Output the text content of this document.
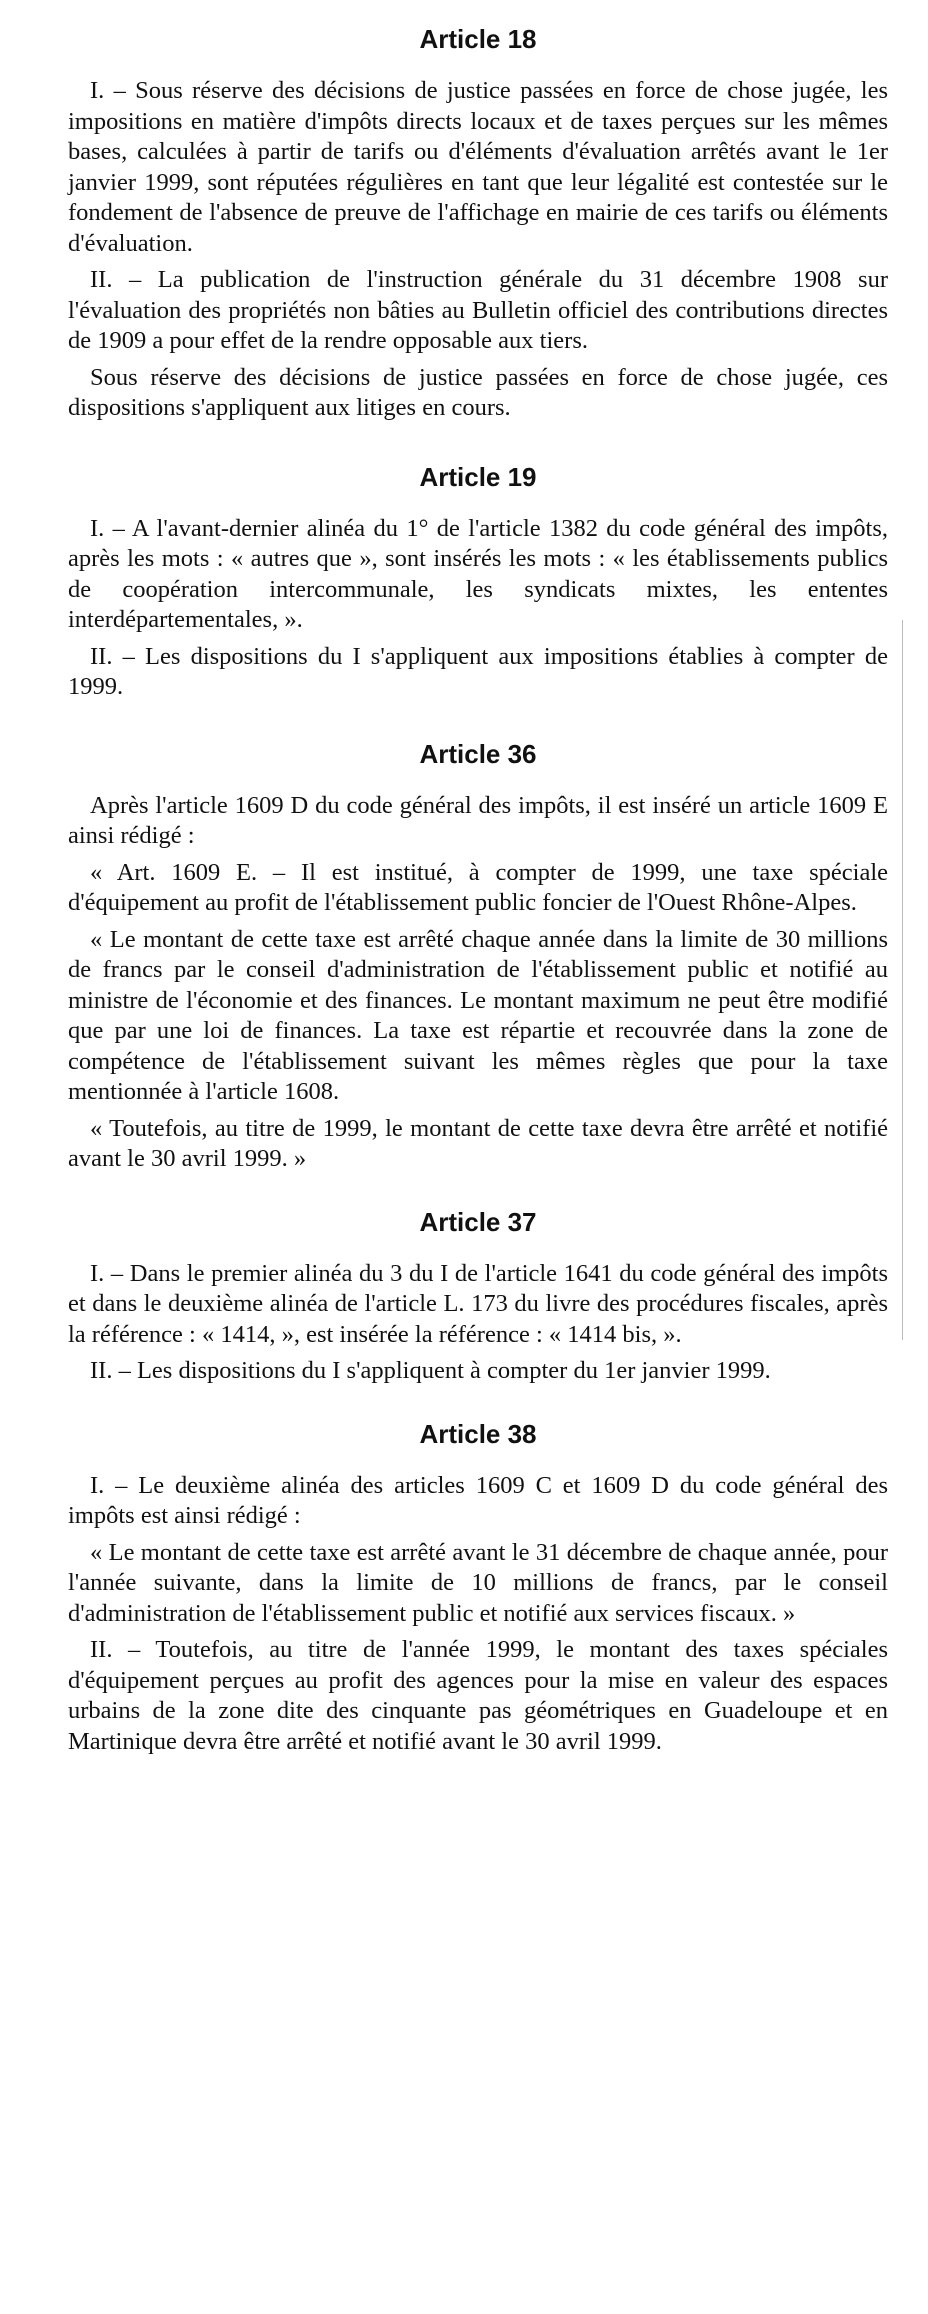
Article 18

I. – Sous réserve des décisions de justice passées en force de chose jugée, les impositions en matière d'impôts directs locaux et de taxes perçues sur les mêmes bases, calculées à partir de tarifs ou d'éléments d'évaluation arrêtés avant le 1er janvier 1999, sont réputées régulières en tant que leur légalité est contestée sur le fondement de l'absence de preuve de l'affichage en mairie de ces tarifs ou éléments d'évaluation.

II. – La publication de l'instruction générale du 31 décembre 1908 sur l'évaluation des propriétés non bâties au Bulletin officiel des contributions directes de 1909 a pour effet de la rendre opposable aux tiers.

Sous réserve des décisions de justice passées en force de chose jugée, ces dispositions s'appliquent aux litiges en cours.

Article 19

I. – A l'avant-dernier alinéa du 1° de l'article 1382 du code général des impôts, après les mots : « autres que », sont insérés les mots : « les établissements publics de coopération intercommunale, les syndicats mixtes, les ententes interdépartementales, ».

II. – Les dispositions du I s'appliquent aux impositions établies à compter de 1999.

Article 36

Après l'article 1609 D du code général des impôts, il est inséré un article 1609 E ainsi rédigé :

« Art. 1609 E. – Il est institué, à compter de 1999, une taxe spéciale d'équipement au profit de l'établissement public foncier de l'Ouest Rhône-Alpes.

« Le montant de cette taxe est arrêté chaque année dans la limite de 30 millions de francs par le conseil d'administration de l'établissement public et notifié au ministre de l'économie et des finances. Le montant maximum ne peut être modifié que par une loi de finances. La taxe est répartie et recouvrée dans la zone de compétence de l'établissement suivant les mêmes règles que pour la taxe mentionnée à l'article 1608.

« Toutefois, au titre de 1999, le montant de cette taxe devra être arrêté et notifié avant le 30 avril 1999. »

Article 37

I. – Dans le premier alinéa du 3 du I de l'article 1641 du code général des impôts et dans le deuxième alinéa de l'article L. 173 du livre des procédures fiscales, après la référence : « 1414, », est insérée la référence : « 1414 bis, ».

II. – Les dispositions du I s'appliquent à compter du 1er janvier 1999.

Article 38

I. – Le deuxième alinéa des articles 1609 C et 1609 D du code général des impôts est ainsi rédigé :

« Le montant de cette taxe est arrêté avant le 31 décembre de chaque année, pour l'année suivante, dans la limite de 10 millions de francs, par le conseil d'administration de l'établissement public et notifié aux services fiscaux. »

II. – Toutefois, au titre de l'année 1999, le montant des taxes spéciales d'équipement perçues au profit des agences pour la mise en valeur des espaces urbains de la zone dite des cinquante pas géométriques en Guadeloupe et en Martinique devra être arrêté et notifié avant le 30 avril 1999.
